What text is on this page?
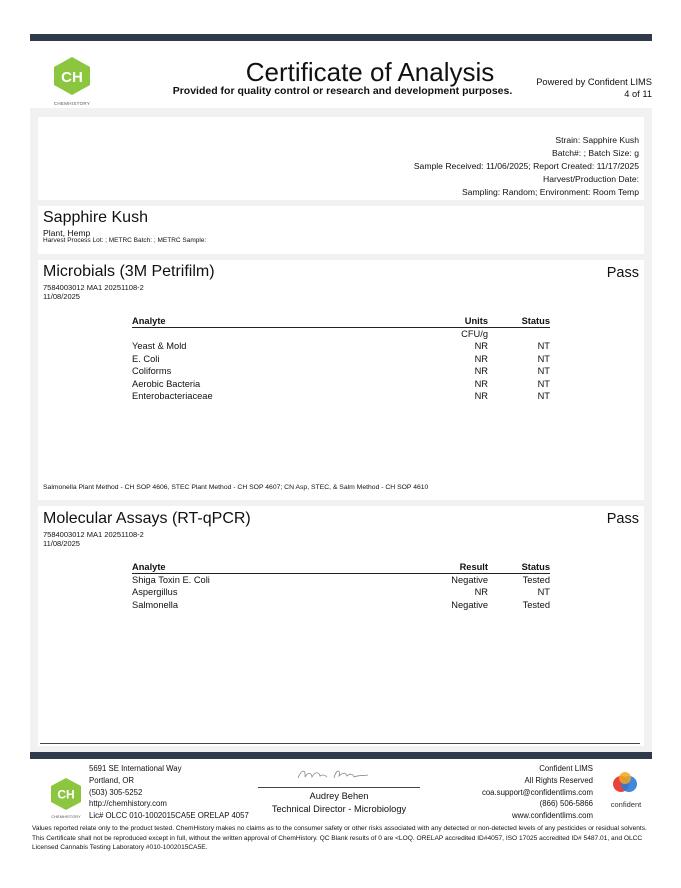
CH
CHEMHISTORY
Certificate of Analysis
Provided for quality control or research and development purposes.
Powered by Confident LIMS
4 of 11
Strain: Sapphire Kush
Batch#: ; Batch Size: g
Sample Received: 11/06/2025; Report Created: 11/17/2025
Harvest/Production Date:
Sampling: Random; Environment: Room Temp
Sapphire Kush
Plant, Hemp
Harvest Process Lot: ; METRC Batch: ; METRC Sample:
Microbials (3M Petrifilm)	Pass
7584003012 MA1 20251108-2
11/08/2025
Analyte	Units	Status
	CFU/g	
Yeast & Mold	NR	NT
E. Coli	NR	NT
Coliforms	NR	NT
Aerobic Bacteria	NR	NT
Enterobacteriaceae	NR	NT
Salmonella Plant Method - CH SOP 4606, STEC Plant Method - CH SOP 4607; CN Asp, STEC, & Salm Method - CH SOP 4610
Molecular Assays (RT-qPCR)	Pass
7584003012 MA1 20251108-2
11/08/2025
Analyte	Result	Status
Shiga Toxin E. Coli	Negative	Tested
Aspergillus	NR	NT
Salmonella	Negative	Tested
CH
CHEMHISTORY
5691 SE International Way
Portland, OR
(503) 305-5252
http://chemhistory.com
Lic# OLCC 010-1002015CA5E ORELAP 4057
Audrey Behen
Technical Director - Microbiology
Confident LIMS
All Rights Reserved
coa.support@confidentlims.com
(866) 506-5866
www.confidentlims.com
confident
Values reported relate only to the product tested. ChemHistory makes no claims as to the consumer safety or other risks associated with any detected or non-detected levels of any pesticides or residual solvents. This Certificate shall not be reproduced except in full, without the written approval of ChemHistory. QC Blank results of 0 are <LOQ. ORELAP accredited ID#4057, ISO 17025 accredited ID# 5487.01, and OLCC Licensed Cannabis Testing Laboratory #010-1002015CA5E.
